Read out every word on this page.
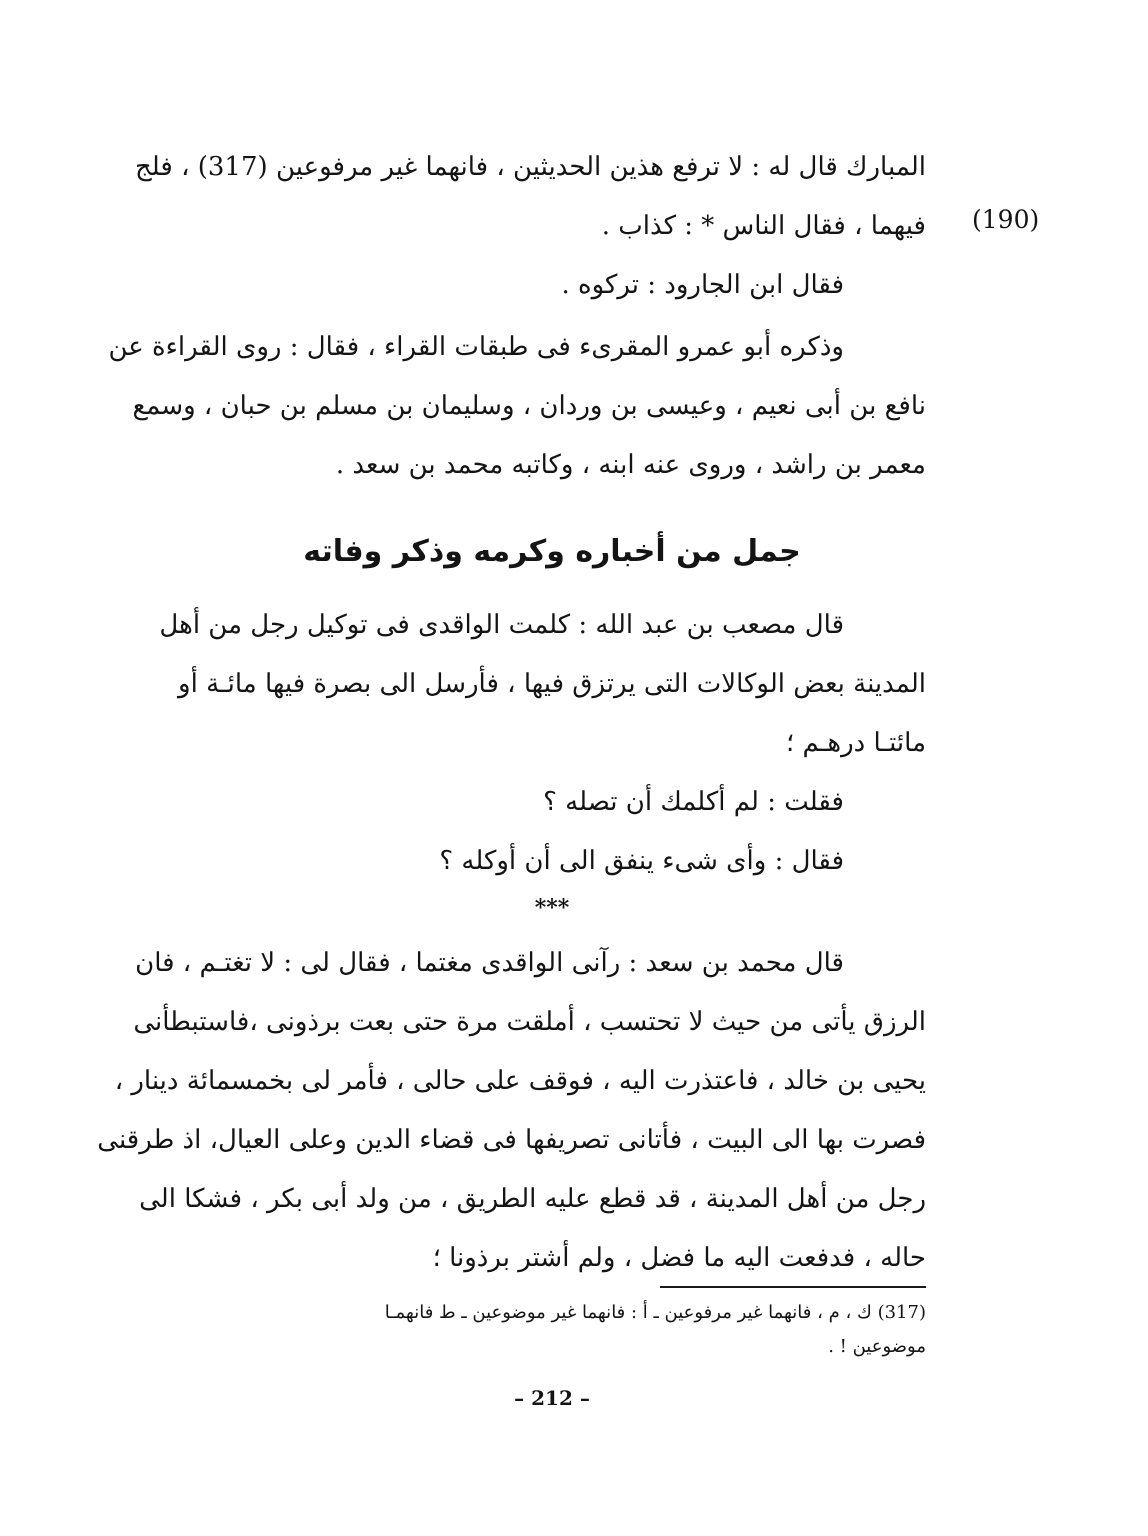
(190)
المبارك قال له : لا ترفع هذين الحديثين ، فانهما غير مرفوعين (317) ، فلج
فيهما ، فقال الناس * : كذاب .
فقال ابن الجارود : تركوه .
وذكره أبو عمرو المقرىء فى طبقات القراء ، فقال : روى القراءة عن
نافع بن أبى نعيم ، وعيسى بن وردان ، وسليمان بن مسلم بن حبان ، وسمع
معمر بن راشد ، وروى عنه ابنه ، وكاتبه محمد بن سعد .
جمل من أخباره وكرمه وذكر وفاته
قال مصعب بن عبد الله : كلمت الواقدى فى توكيل رجل من أهل
المدينة بعض الوكالات التى يرتزق فيها ، فأرسل الى بصرة فيها مائـة أو
مائتـا درهـم ؛
فقلت : لم أكلمك أن تصله ؟
فقال : وأى شىء ينفق الى أن أوكله ؟
***
قال محمد بن سعد : رآنى الواقدى مغتما ، فقال لى : لا تغتـم ، فان
الرزق يأتى من حيث لا تحتسب ، أملقت مرة حتى بعت برذونى ،فاستبطأنى
يحيى بن خالد ، فاعتذرت اليه ، فوقف على حالى ، فأمر لى بخمسمائة دينار ،
فصرت بها الى البيت ، فأتانى تصريفها فى قضاء الدين وعلى العيال، اذ طرقنى
رجل من أهل المدينة ، قد قطع عليه الطريق ، من ولد أبى بكر ، فشكا الى
حاله ، فدفعت اليه ما فضل ، ولم أشتر برذونا ؛
(317) ك ، م ، فانهما غير مرفوعين ـ أ : فانهما غير موضوعين ـ ط فانهمـا
موضوعين ! .
– 212 –
